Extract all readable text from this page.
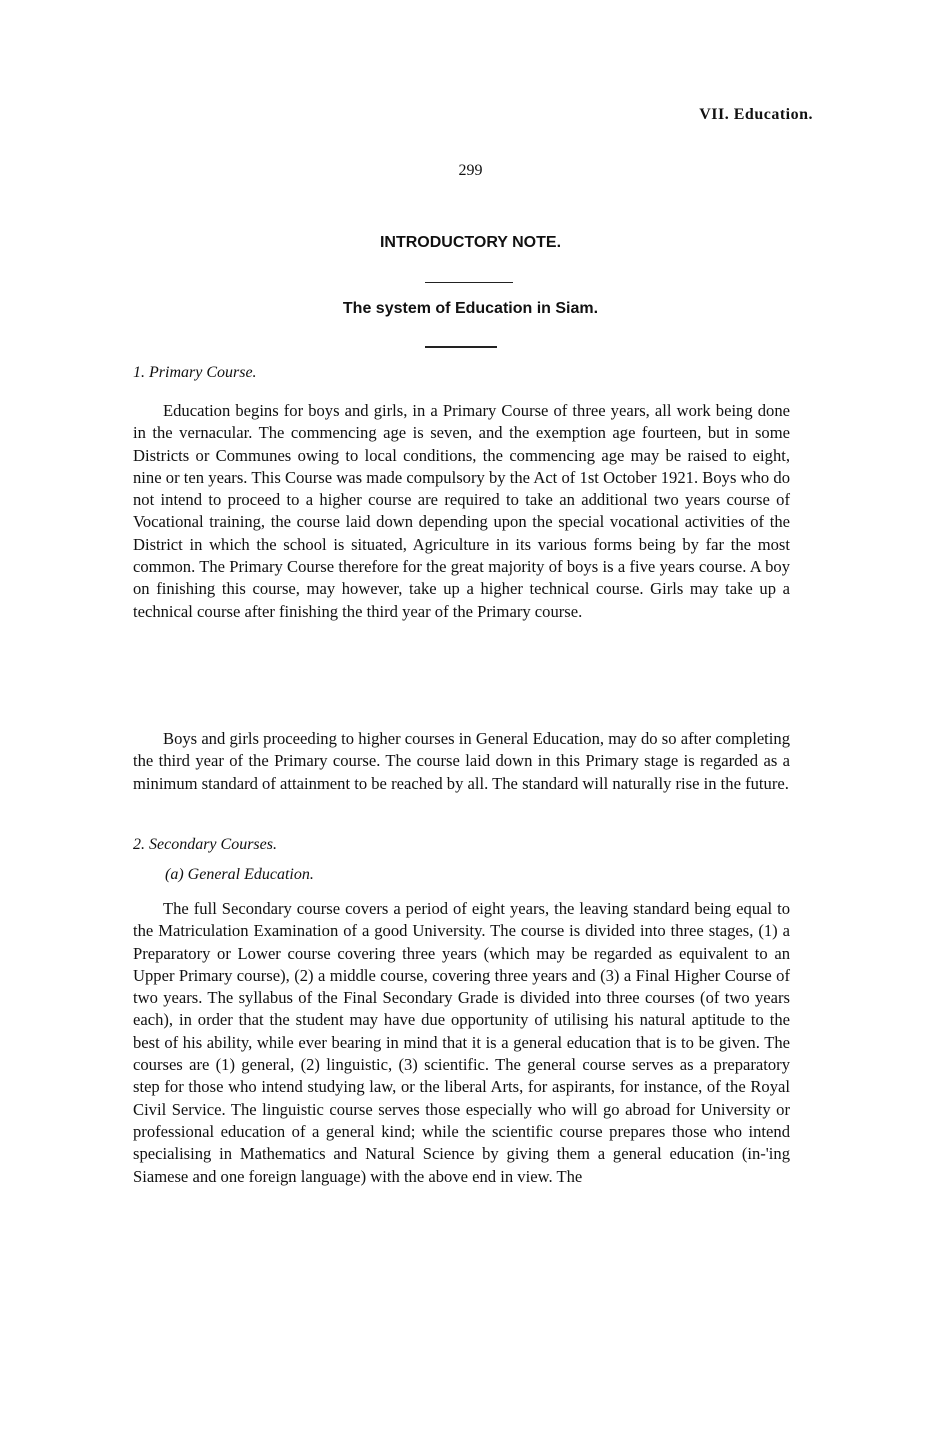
VII. Education.
299
INTRODUCTORY NOTE.
The system of Education in Siam.
1. Primary Course.

Education begins for boys and girls, in a Primary Course of three years, all work being done in the vernacular. The commencing age is seven, and the exemption age fourteen, but in some Districts or Communes owing to local conditions, the commencing age may be raised to eight, nine or ten years. This Course was made compulsory by the Act of 1st October 1921. Boys who do not intend to proceed to a higher course are required to take an additional two years course of Vocational training, the course laid down depending upon the special vocational activities of the District in which the school is situated, Agriculture in its various forms being by far the most common. The Primary Course therefore for the great majority of boys is a five years course. A boy on finishing this course, may however, take up a higher technical course. Girls may take up a technical course after finishing the third year of the Primary course.

Boys and girls proceeding to higher courses in General Education, may do so after completing the third year of the Primary course. The course laid down in this Primary stage is regarded as a minimum standard of attainment to be reached by all. The standard will naturally rise in the future.

2. Secondary Courses.
(a) General Education.

The full Secondary course covers a period of eight years, the leaving standard being equal to the Matriculation Examination of a good University. The course is divided into three stages, (1) a Preparatory or Lower course covering three years (which may be regarded as equivalent to an Upper Primary course), (2) a middle course, covering three years and (3) a Final Higher Course of two years. The syllabus of the Final Secondary Grade is divided into three courses (of two years each), in order that the student may have due opportunity of utilising his natural aptitude to the best of his ability, while ever bearing in mind that it is a general education that is to be given. The courses are (1) general, (2) linguistic, (3) scientific. The general course serves as a preparatory step for those who intend studying law, or the liberal Arts, for aspirants, for instance, of the Royal Civil Service. The linguistic course serves those especially who will go abroad for University or professional education of a general kind; while the scientific course prepares those who intend specialising in Mathematics and Natural Science by giving them a general education (in-'ing Siamese and one foreign language) with the above end in view. The
